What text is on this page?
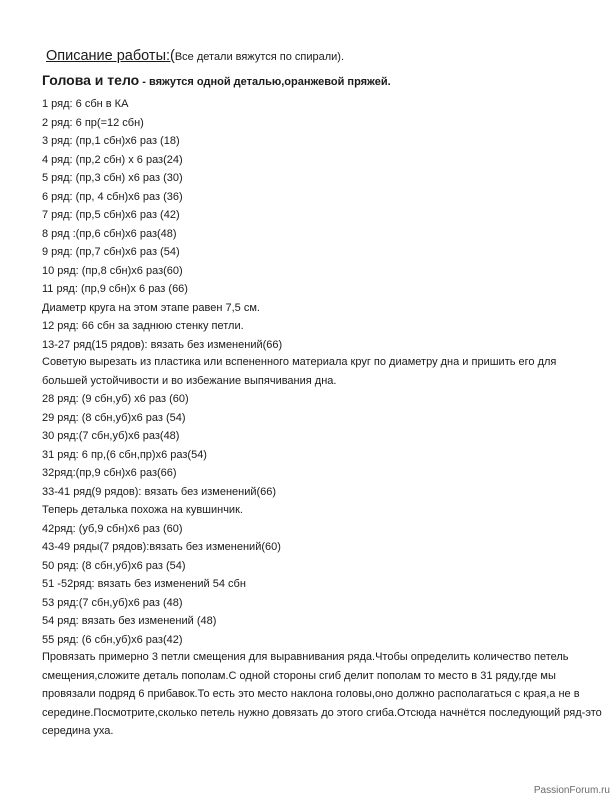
Описание работы:(Все детали вяжутся по спирали).
Голова и тело - вяжутся одной деталью,оранжевой пряжей.
1 ряд: 6 сбн в КА
2 ряд: 6 пр(=12 сбн)
3 ряд: (пр,1 сбн)х6 раз (18)
4 ряд: (пр,2 сбн) х 6 раз(24)
5 ряд: (пр,3 сбн) х6 раз (30)
6 ряд: (пр, 4 сбн)х6 раз (36)
7 ряд: (пр,5 сбн)х6 раз (42)
8 ряд :(пр,6 сбн)х6 раз(48)
9 ряд: (пр,7 сбн)х6 раз (54)
10 ряд: (пр,8 сбн)х6 раз(60)
11 ряд: (пр,9 сбн)х 6 раз (66)
Диаметр круга на этом этапе равен 7,5 см.
12 ряд: 66 сбн за заднюю стенку петли.
13-27 ряд(15 рядов): вязать без изменений(66)
Советую вырезать из пластика или вспененного материала круг по диаметру дна и пришить его для большей устойчивости и во избежание выпячивания дна.
28 ряд: (9 сбн,уб) х6 раз (60)
29 ряд: (8 сбн,уб)х6 раз (54)
30 ряд:(7 сбн,уб)х6 раз(48)
31 ряд: 6 пр,(6 сбн,пр)х6 раз(54)
32ряд:(пр,9 сбн)х6 раз(66)
33-41 ряд(9 рядов): вязать без изменений(66)
Теперь деталька похожа на кувшинчик.
42ряд: (уб,9 сбн)х6 раз (60)
43-49 ряды(7 рядов):вязать без изменений(60)
50 ряд: (8 сбн,уб)х6 раз (54)
51 -52ряд: вязать без изменений 54 сбн
53 ряд:(7 сбн,уб)х6 раз (48)
54 ряд: вязать без изменений (48)
55 ряд: (6 сбн,уб)х6 раз(42)
Провязать примерно 3 петли смещения для выравнивания ряда.Чтобы определить количество петель смещения,сложите деталь пополам.С одной стороны сгиб делит пополам то место в 31 ряду,где мы провязали подряд 6 прибавок.То есть это место наклона головы,оно должно располагаться с края,а не в середине.Посмотрите,сколько петель нужно довязать до этого сгиба.Отсюда начнётся последующий ряд-это середина уха.
PassionForum.ru
